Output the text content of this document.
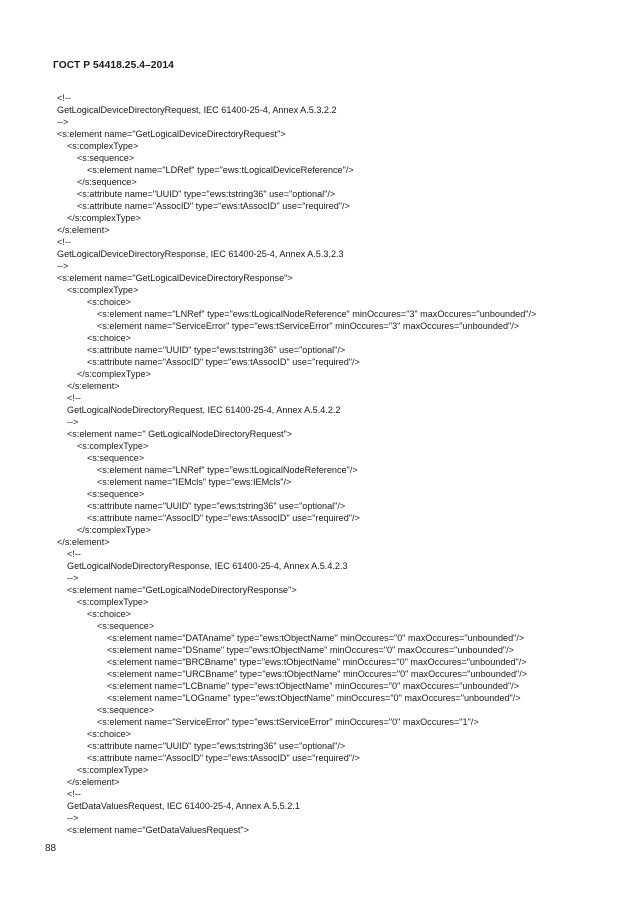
ГОСТ Р 54418.25.4–2014
<!--
GetLogicalDeviceDirectoryRequest, IEC 61400-25-4, Annex A.5.3.2.2
-->
<s:element name="GetLogicalDeviceDirectoryRequest">
<s:complexType>
<s:sequence>
<s:element name="LDRef" type="ews:tLogicalDeviceReference"/>
</s:sequence>
<s:attribute name="UUID" type="ews:tstring36" use="optional"/>
<s:attribute name="AssocID" type="ews:tAssocID" use="required"/>
</s:complexType>
</s:element>
<!--
GetLogicalDeviceDirectoryResponse, IEC 61400-25-4, Annex A.5.3.2.3
-->
<s:element name="GetLogicalDeviceDirectoryResponse">
<s:complexType>
<s:choice>
<s:element name="LNRef" type="ews:tLogicalNodeReference" minOccures="3" maxOccures="unbounded"/>
<s:element name="ServiceError" type="ews:tServiceError" minOccures="3" maxOccures="unbounded"/>
<s:choice>
<s:attribute name="UUID" type="ews:tstring36" use="optional"/>
<s:attribute name="AssocID" type="ews:tAssocID" use="required"/>
</s:complexType>
</s:element>
<!--
GetLogicalNodeDirectoryRequest, IEC 61400-25-4, Annex A.5.4.2.2
-->
<s:element name=" GetLogicalNodeDirectoryRequest">
<s:complexType>
<s:sequence>
<s:element name="LNRef" type="ews:tLogicalNodeReference"/>
<s:element name="IEMcls" type="ews:IEMcls"/>
<s:sequence>
<s:attribute name="UUID" type="ews:tstring36" use="optional"/>
<s:attribute name="AssocID" type="ews:tAssocID" use="required"/>
</s:complexType>
</s:element>
<!--
GetLogicalNodeDirectoryResponse, IEC 61400-25-4, Annex A.5.4.2.3
-->
<s:element name="GetLogicalNodeDirectoryResponse">
<s:complexType>
<s:choice>
<s:sequence>
<s:element name="DATAname" type="ews:tObjectName" minOccures="0" maxOccures="unbounded"/>
<s:element name="DSname" type="ews:tObjectName" minOccures="0" maxOccures="unbounded"/>
<s:element name="BRCBname" type="ews:tObjectName" minOccures="0" maxOccures="unbounded"/>
<s:element name="URCBname" type="ews:tObjectName" minOccures="0" maxOccures="unbounded"/>
<s:element name="LCBname" type="ews:tObjectName" minOccures="0" maxOccures="unbounded"/>
<s:element name="LOGname" type="ews:tObjectName" minOccures="0" maxOccures="unbounded"/>
<s:sequence>
<s:element name="ServiceError" type="ews:tServiceError" minOccures="0" maxOccures="1"/>
<s:choice>
<s:attribute name="UUID" type="ews:tstring36" use="optional"/>
<s:attribute name="AssocID" type="ews:tAssocID" use="required"/>
<s:complexType>
</s:element>
<!--
GetDataValuesRequest, IEC 61400-25-4, Annex A.5.5.2.1
-->
<s:element name="GetDataValuesRequest">
88
